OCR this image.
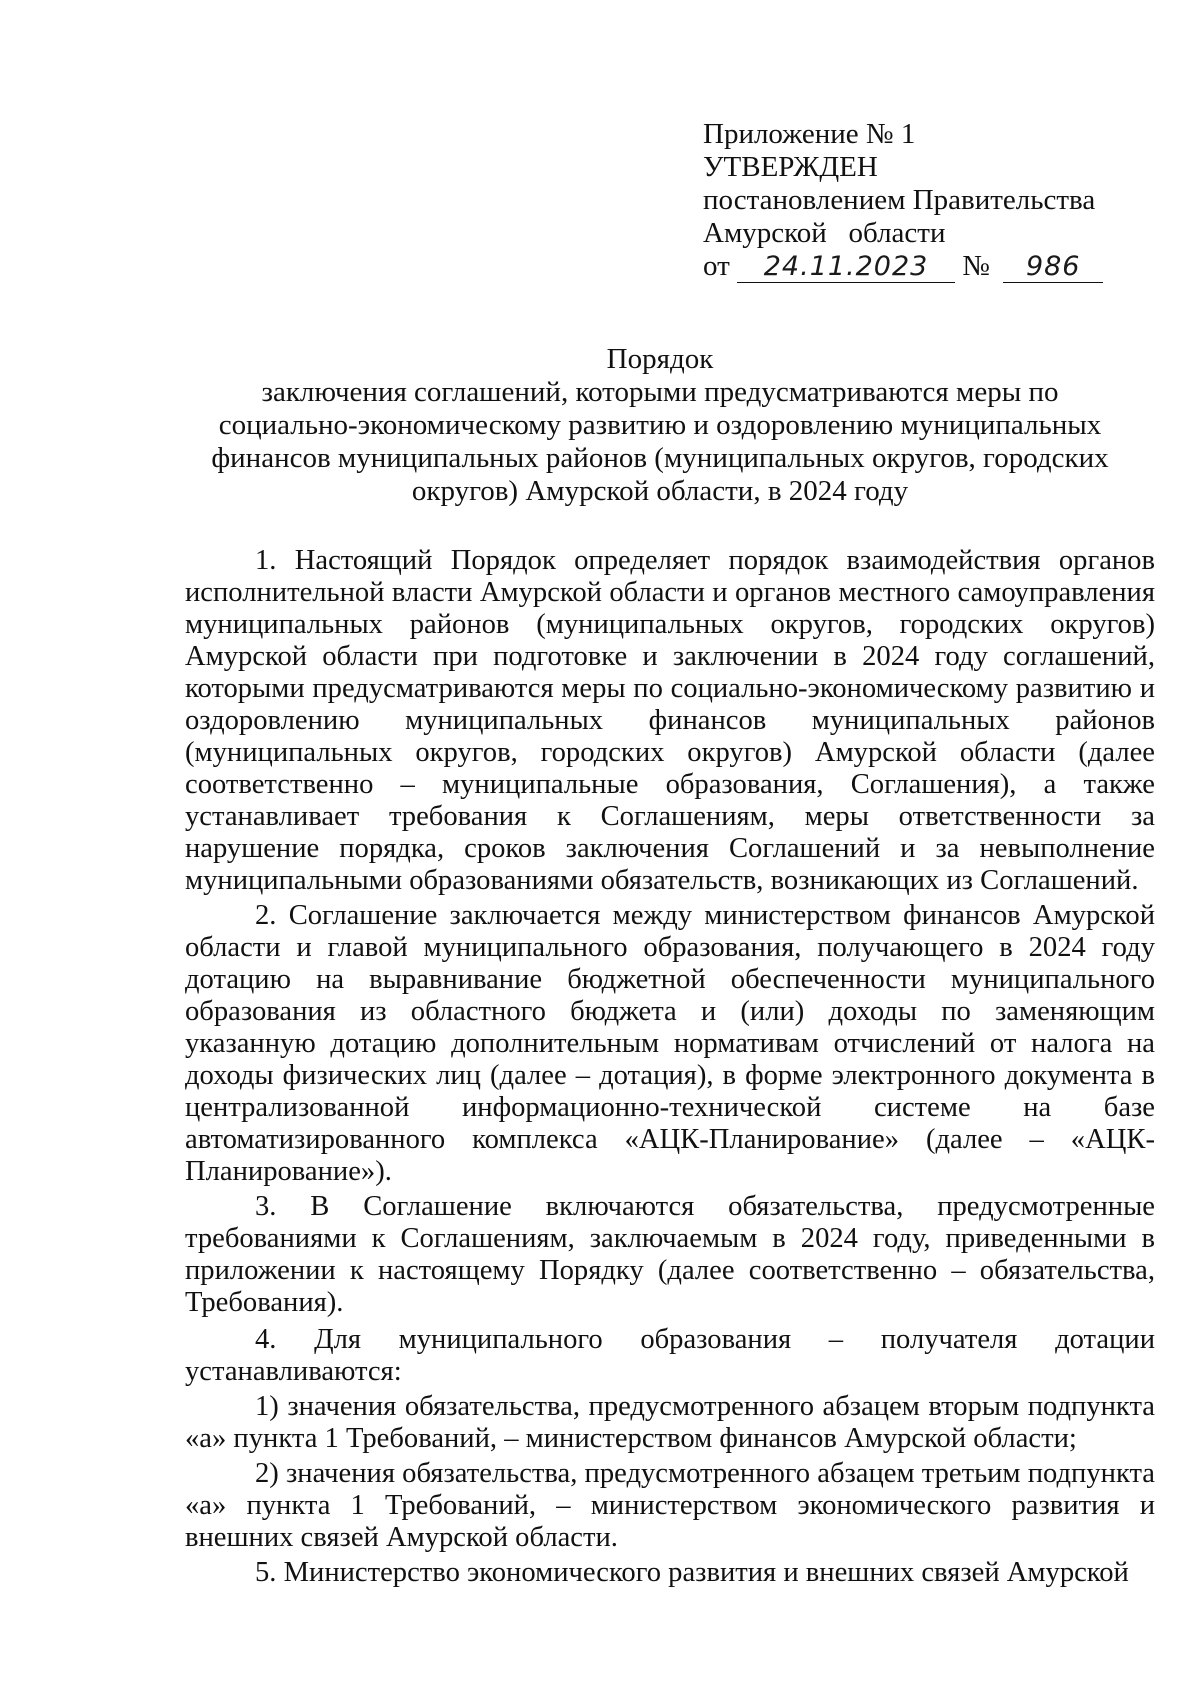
Приложение № 1
УТВЕРЖДЕН
постановлением Правительства
Амурской   области
от 24.11.2023 № 986
Порядок
заключения соглашений, которыми предусматриваются меры по
социально-экономическому развитию и оздоровлению муниципальных
финансов муниципальных районов (муниципальных округов, городских
округов) Амурской области, в 2024 году

1. Настоящий Порядок определяет порядок взаимодействия органов исполнительной власти Амурской области и органов местного самоуправления муниципальных районов (муниципальных округов, городских округов) Амурской области при подготовке и заключении в 2024 году соглашений, которыми предусматриваются меры по социально-экономическому развитию и оздоровлению муниципальных финансов муниципальных районов (муниципальных округов, городских округов) Амурской области (далее соответственно – муниципальные образования, Соглашения), а также устанавливает требования к Соглашениям, меры ответственности за нарушение порядка, сроков заключения Соглашений и за невыполнение муниципальными образованиями обязательств, возникающих из Соглашений.

2. Соглашение заключается между министерством финансов Амурской области и главой муниципального образования, получающего в 2024 году дотацию на выравнивание бюджетной обеспеченности муниципального образования из областного бюджета и (или) доходы по заменяющим указанную дотацию дополнительным нормативам отчислений от налога на доходы физических лиц (далее – дотация), в форме электронного документа в централизованной информационно-технической системе на базе автоматизированного комплекса «АЦК-Планирование» (далее – «АЦК-Планирование»).

3. В Соглашение включаются обязательства, предусмотренные требованиями к Соглашениям, заключаемым в 2024 году, приведенными в приложении к настоящему Порядку (далее соответственно – обязательства, Требования).

4. Для муниципального образования – получателя дотации устанавливаются:

1) значения обязательства, предусмотренного абзацем вторым подпункта «а» пункта 1 Требований, – министерством финансов Амурской области;

2) значения обязательства, предусмотренного абзацем третьим подпункта «а» пункта 1 Требований, – министерством экономического развития и внешних связей Амурской области.

5. Министерство экономического развития и внешних связей Амурской
